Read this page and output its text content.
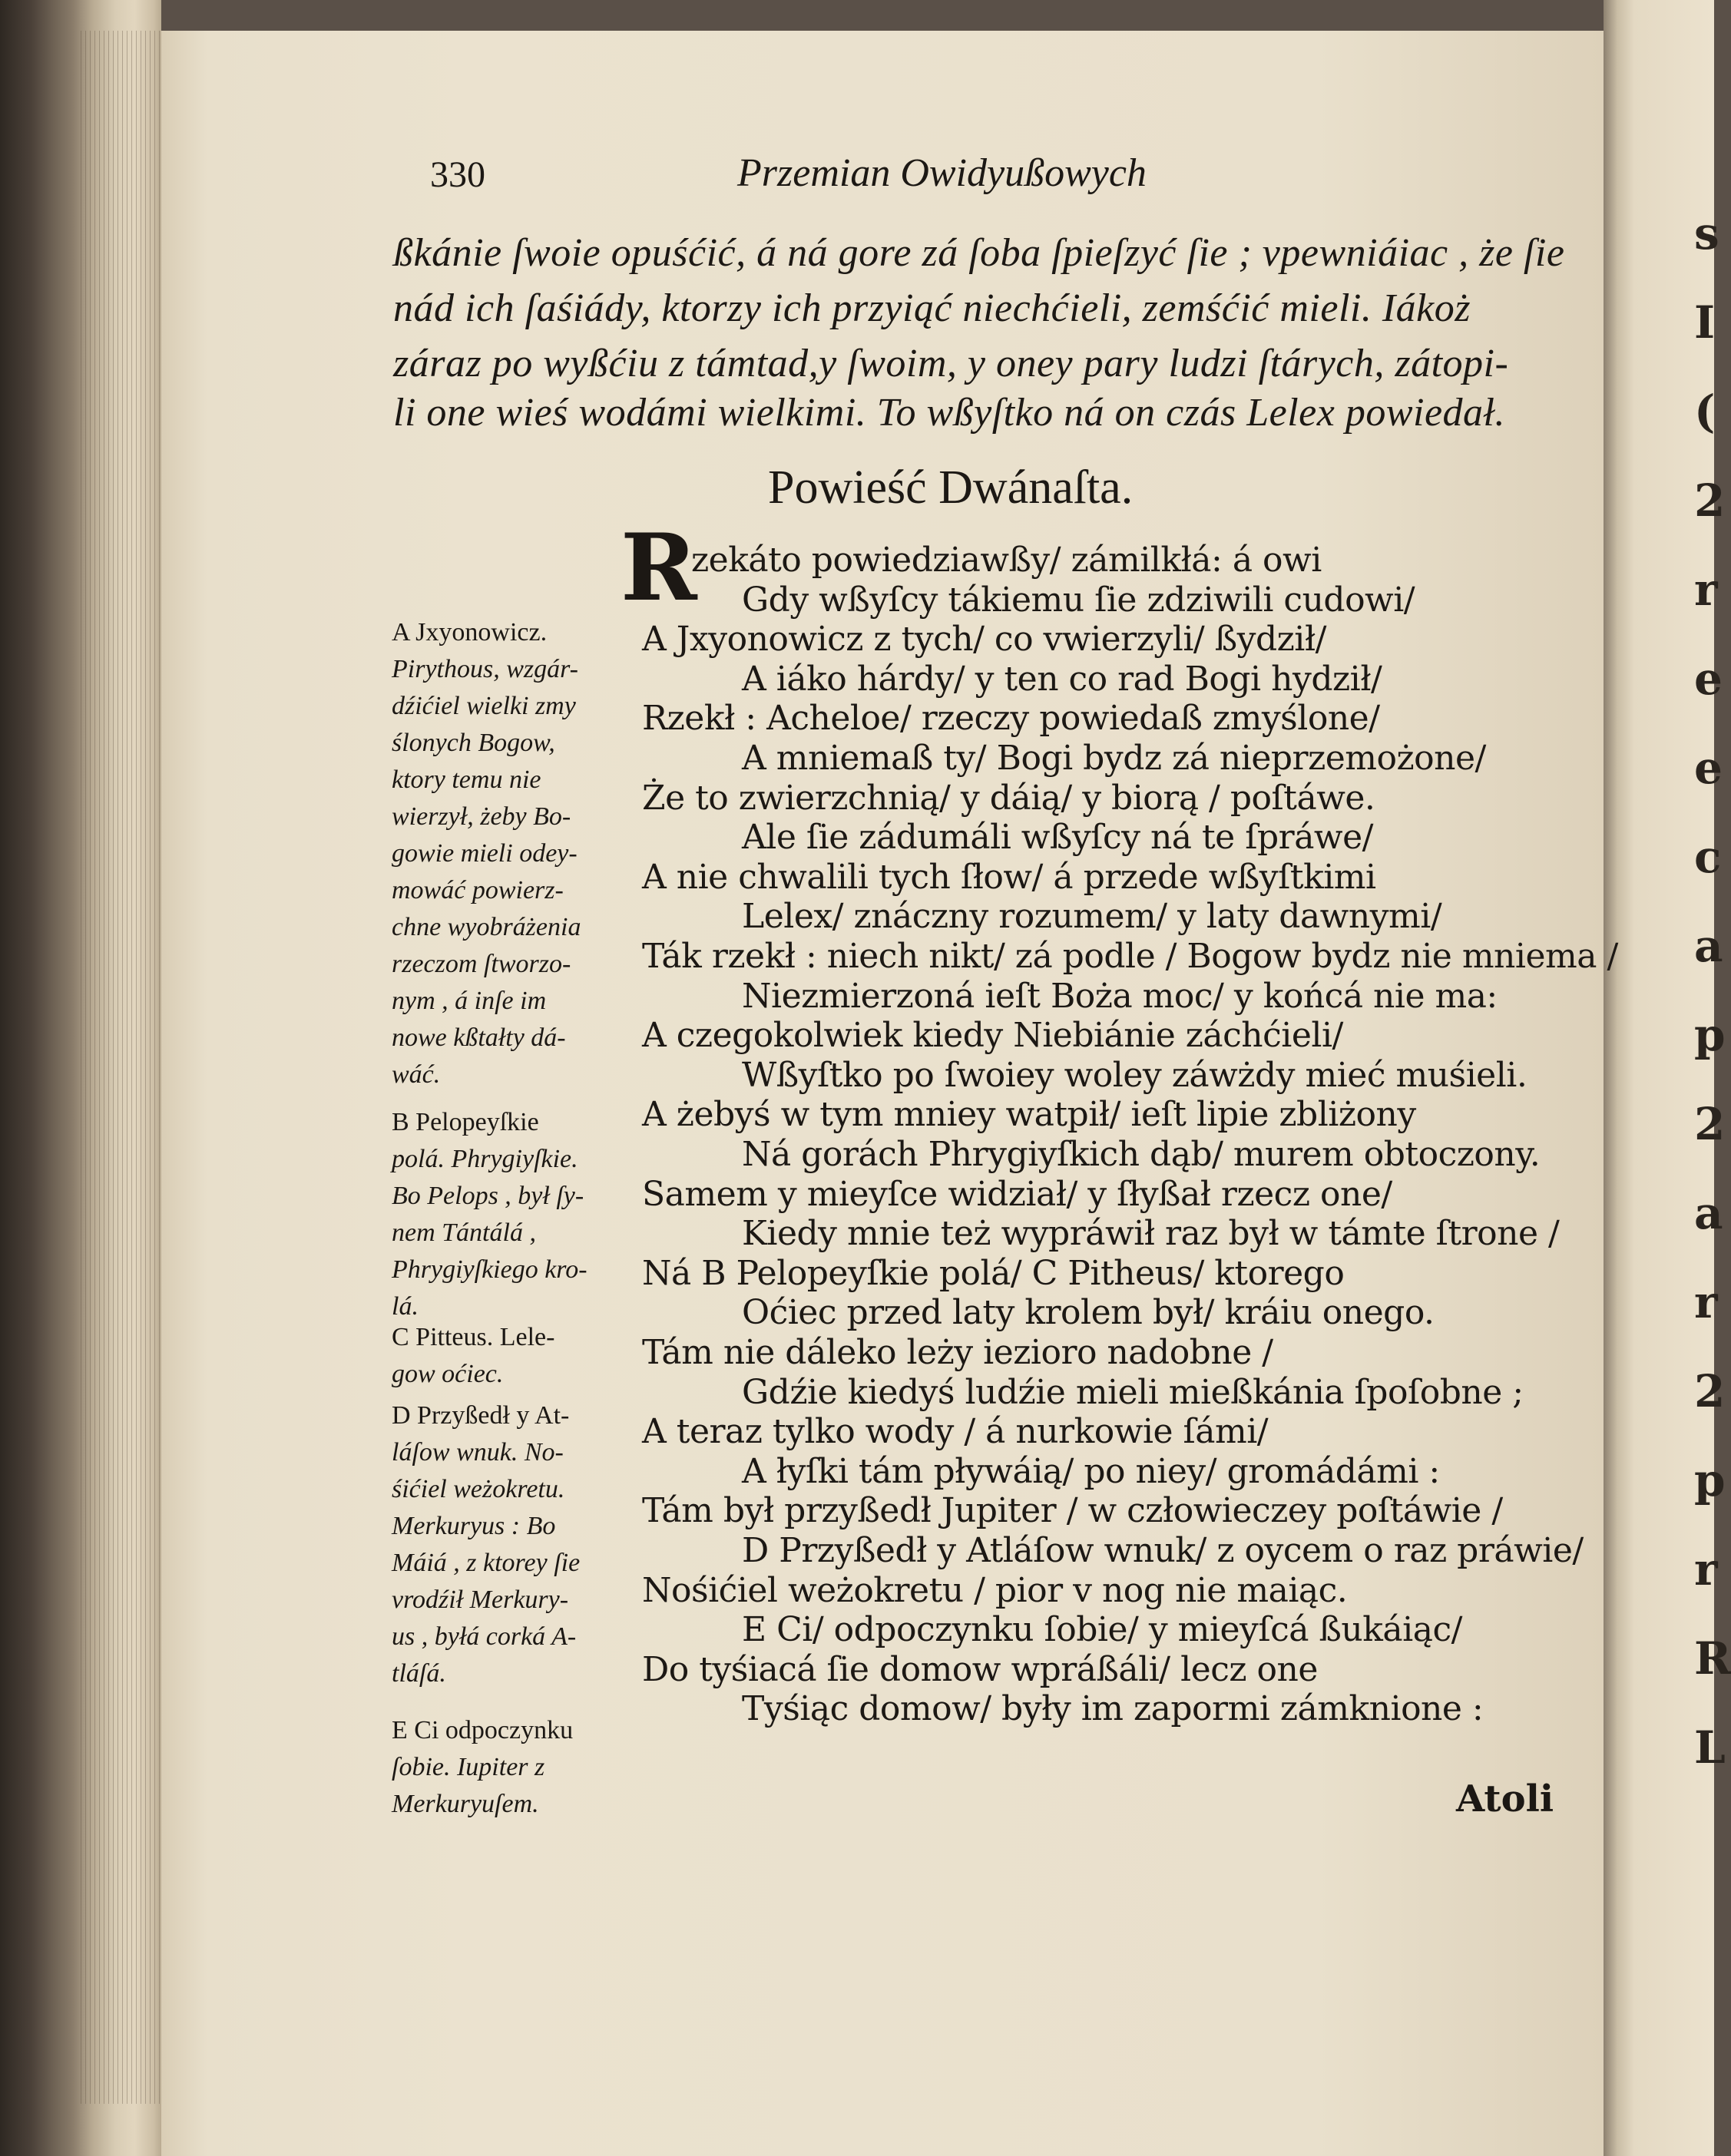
s
I
(
2
r
e
e
c
a
p
2
a
r
2
p
r
R
L
330	Przemian Owidyußowych
ßkánie ſwoie opuśćić, á ná gore zá ſoba ſpieſzyć ſie ; vpewniáiac , że ſie
nád ich ſaśiády, ktorzy ich przyiąć niechćieli, zemśćić mieli. Iákoż
záraz po wyßćiu z támtad,y ſwoim, y oney pary ludzi ſtárych, zátopi-
li one wieś wodámi wielkimi. To wßyſtko ná on czás Lelex powiedał.
Powieść Dwánaſta.
R
zekáto powiedziawßy/ zámilkłá: á owi
Gdy wßyſcy tákiemu ſie zdziwili cudowi/
A Jxyonowicz z tych/ co vwierzyli/ ßydził/
A iáko hárdy/ y ten co rad Bogi hydził/
Rzekł : Acheloe/ rzeczy powiedaß zmyślone/
A mniemaß ty/ Bogi bydz zá nieprzemożone/
Że to zwierzchnią/ y dáią/ y biorą / poſtáwe.
Ale ſie zádumáli wßyſcy ná te ſpráwe/
A nie chwalili tych ſłow/ á przede wßyſtkimi
Lelex/ znáczny rozumem/ y laty dawnymi/
Ták rzekł : niech nikt/ zá podle / Bogow bydz nie mniema /
Niezmierzoná ieſt Boża moc/ y końcá nie ma:
A czegokolwiek kiedy Niebiánie záchćieli/
Wßyſtko po ſwoiey woley záwżdy mieć muśieli.
A żebyś w tym mniey watpił/ ieſt lipie zbliżony
Ná gorách Phrygiyſkich dąb/ murem obtoczony.
Samem y mieyſce widział/ y ſłyßał rzecz one/
Kiedy mnie też wypráwił raz był w támte ſtrone /
Ná B Pelopeyſkie polá/ C Pitheus/ ktorego
Oćiec przed laty krolem był/ kráiu onego.
Tám nie dáleko leży ieziorо nadobne /
Gdźie kiedyś ludźie mieli mießkánia ſpoſobne ;
A teraz tylko wody / á nurkowie ſámi/
A łyſki tám pływáią/ po niey/ gromádámi :
Tám był przyßedł Jupiter / w człowieczey poſtáwie /
D Przyßedł y Atláſow wnuk/ z oycem o raz práwie/
Nośićiel weżokretu / pior v nog nie maiąc.
E Ci/ odpoczynku ſobie/ y mieyſcá ßukáiąc/
Do tyśiacá ſie domow wpráßáli/ lecz one
Tyśiąc domow/ były im zapormi zámknione :
A Jxyonowicz.
Pirythous, wzgár-
dźićiel wielki zmy
ślonych Bogow,
ktory temu nie
wierzył, żeby Bo-
gowie mieli odey-
mowáć powierz-
chne wyobráżenia
rzeczom ſtworzo-
nym , á inſe im
nowe kßtałty dá-
wáć.
B Pelopeyſkie
polá. Phrygiyſkie.
Bo Pelops , był ſy-
nem Tántálá ,
Phrygiyſkiego kro-
lá.
C Pitteus. Lele-
gow oćiec.
D Przyßedł y At-
láſow wnuk. No-
śićiel weżokretu.
Merkuryus : Bo
Máiá , z ktorey ſie
vrodźił Merkury-
us , byłá corká A-
tláſá.
E Ci odpoczynku
ſobie. Iupiter z
Merkuryuſem.	Atoli
